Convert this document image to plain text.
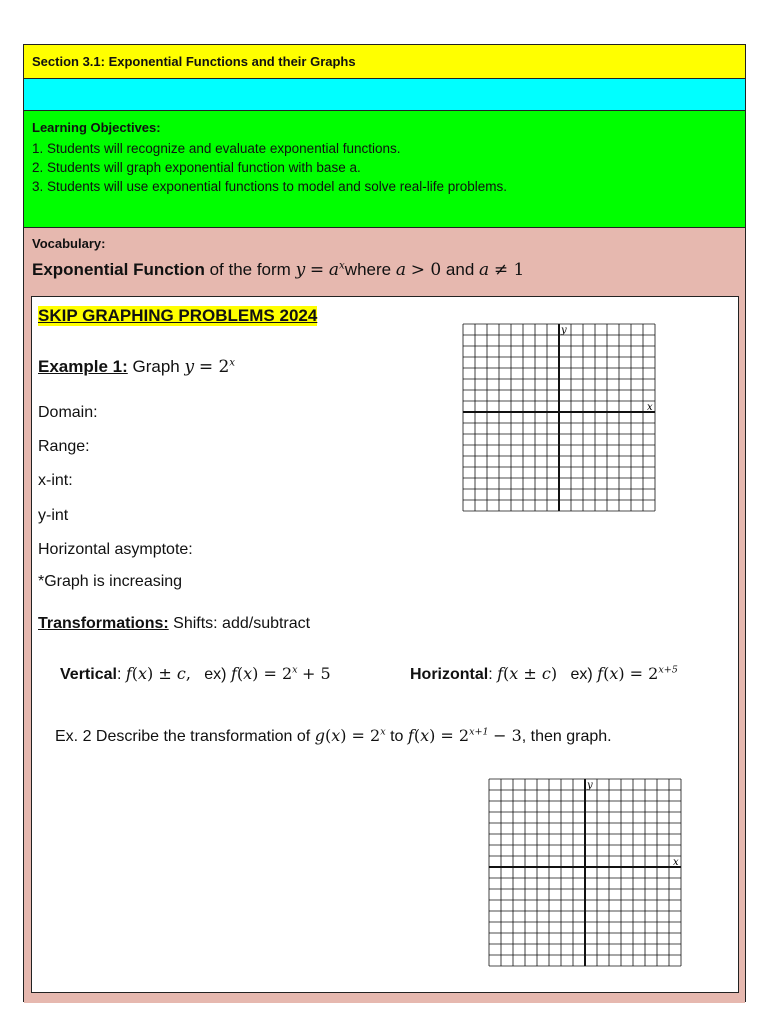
Section 3.1: Exponential Functions and their Graphs
Learning Objectives:
1. Students will recognize and evaluate exponential functions.
2. Students will graph exponential function with base a.
3. Students will use exponential functions to model and solve real-life problems.
Vocabulary:
Exponential Function of the form $y = a^xwhere$ a > 0 and a ≠ 1
SKIP GRAPHING PROBLEMS 2024
Example 1: Graph $y = 2^x$
Domain:
Range:
x-int:
y-int
Horizontal asymptote:
*Graph is increasing
Transformations: Shifts: add/subtract
Vertical: f(x) ± c, ex) $f(x) = 2^x + 5$	Horizontal: f(x ± c) ex) $f(x) = 2^{x+5}$
Ex. 2 Describe the transformation of $g(x) = 2^x$ to $f(x) = 2^{x+1} - 3$, then graph.
y
x
y
x
